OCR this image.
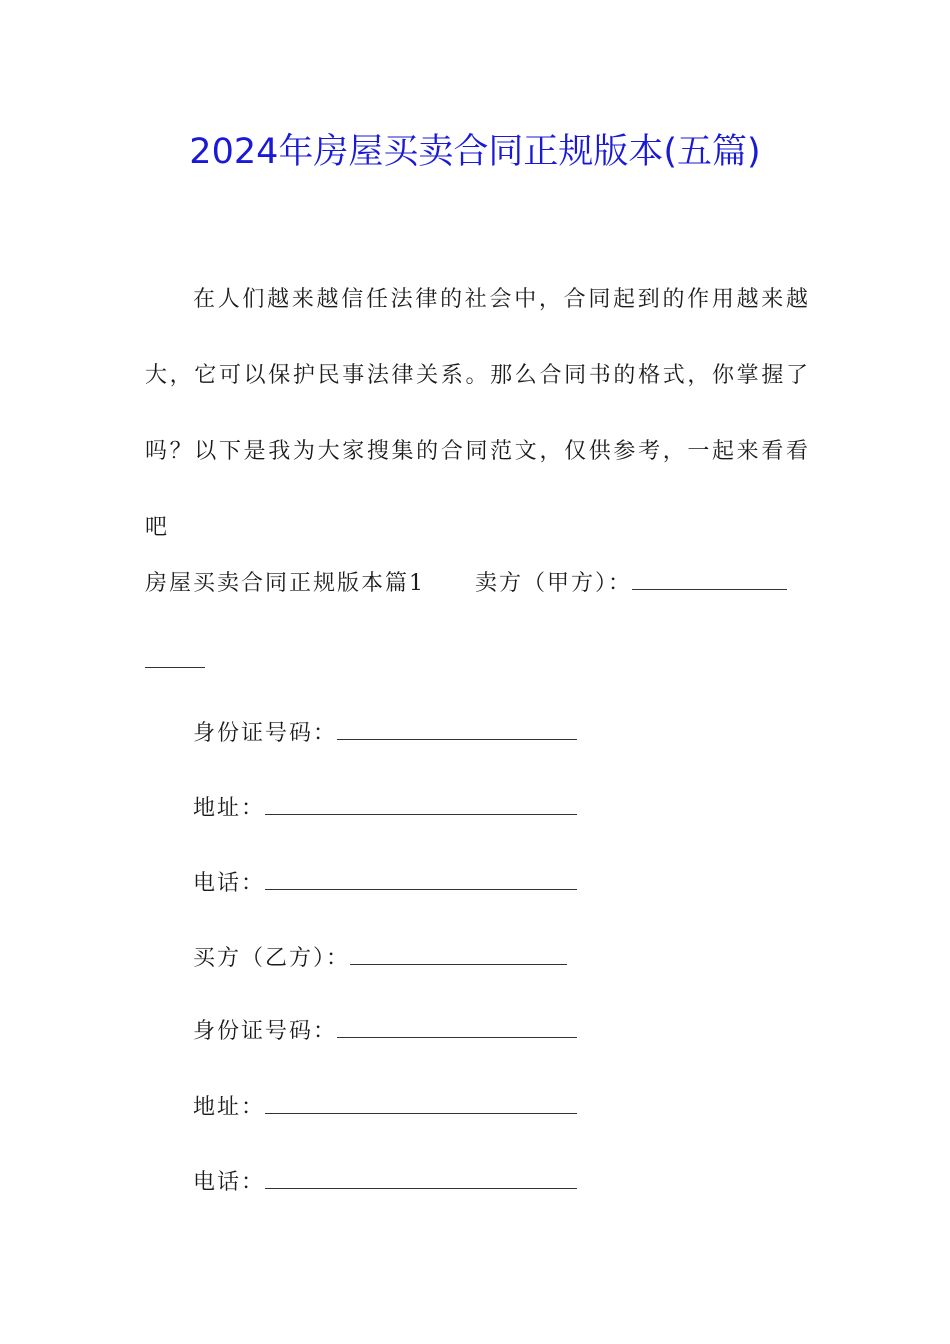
2024年房屋买卖合同正规版本(五篇)

在人们越来越信任法律的社会中，合同起到的作用越来越大，它可以保护民事法律关系。那么合同书的格式，你掌握了吗？以下是我为大家搜集的合同范文，仅供参考，一起来看看吧

房屋买卖合同正规版本篇1 卖方（甲方）：
身份证号码：
地址：
电话：
买方（乙方）：
身份证号码：
地址：
电话：
